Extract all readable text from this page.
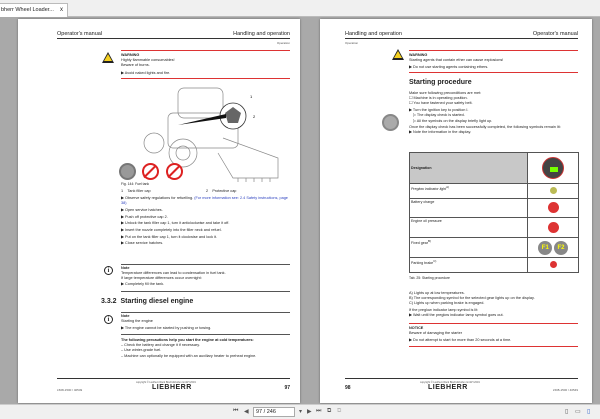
bherr Wheel Loader... x
Operator's manual	Handling and operation
Operation
WARNING
Highly flammable consumables!
Beware of burns.
▶ Avoid naked lights and fire.
1
2
Fig. 144: Fuel tank
1 Tank filler cap	2 Protective cap
▶ Observe safety regulations for refuelling. (For more information see: 2.4 Safety instructions, page 38)
▶ Open service hatches.
▶ Push off protective cap 2.
▶ Unlock the tank filler cap 1, turn it anticlockwise and take it off.
▶ Insert the nozzle completely into the filler neck and refuel.
▶ Put on the tank filler cap 1, turn it clockwise and lock it.
▶ Close service hatches.
i	Note
Temperature differences can lead to condensation in fuel tank.
If large temperature differences occur overnight:
▶ Completely fill the tank.
3.3.2 Starting diesel engine
i
Note
Starting the engine
▶ The engine cannot be started by pushing or towing.
The following precautions help you start the engine at cold temperatures:
– Check the battery and change it if necessary.
– Use winter-grade fuel.
– Machine can optionally be equipped with an auxiliary heater to preheat engine.
L508-1500 / 40549
copyright © Liebherr-Werk Bischofshofen GmbH 2019
LIEBHERR	97
Handling and operation	Operator's manual
Operation
WARNING
Starting agents that contain ether can cause explosions!
▶ Do not use starting agents containing ethers.
Starting procedure
Make sure following preconditions are met:
☐ Machine is in operating position.
☐ You have fastened your safety belt.
▶ Turn the ignition key to position I.
▷ The display check is started.
▷ All the symbols on the display briefly light up.
Once the display check has been successfully completed, the following symbols remain lit:
▶ Note the information in the display.
Designation	

Preglow indicator light$^{A)}$	
Battery charge	
Engine oil pressure	
Fixed gear$^{B)}$	F1 F2
Parking brake$^{C)}$	
Tab. 25: Starting procedure
A) Lights up at low temperatures.
B) The corresponding symbol for the selected gear lights up on the display.
C) Lights up when parking brake is engaged.
If the preglow indicator lamp symbol is lit:
▶ Wait until the preglow indicator lamp symbol goes out.
NOTICE
Beware of damaging the starter
▶ Do not attempt to start for more than 20 seconds at a time.
98
copyright © Liebherr-Werk Bischofshofen GmbH 2019
LIEBHERR	L508-1500 / 40549
⏮ ◀	97 / 246	▾ ▶ ⏭ ⧉ ⧉	▯ ▭ ▯
